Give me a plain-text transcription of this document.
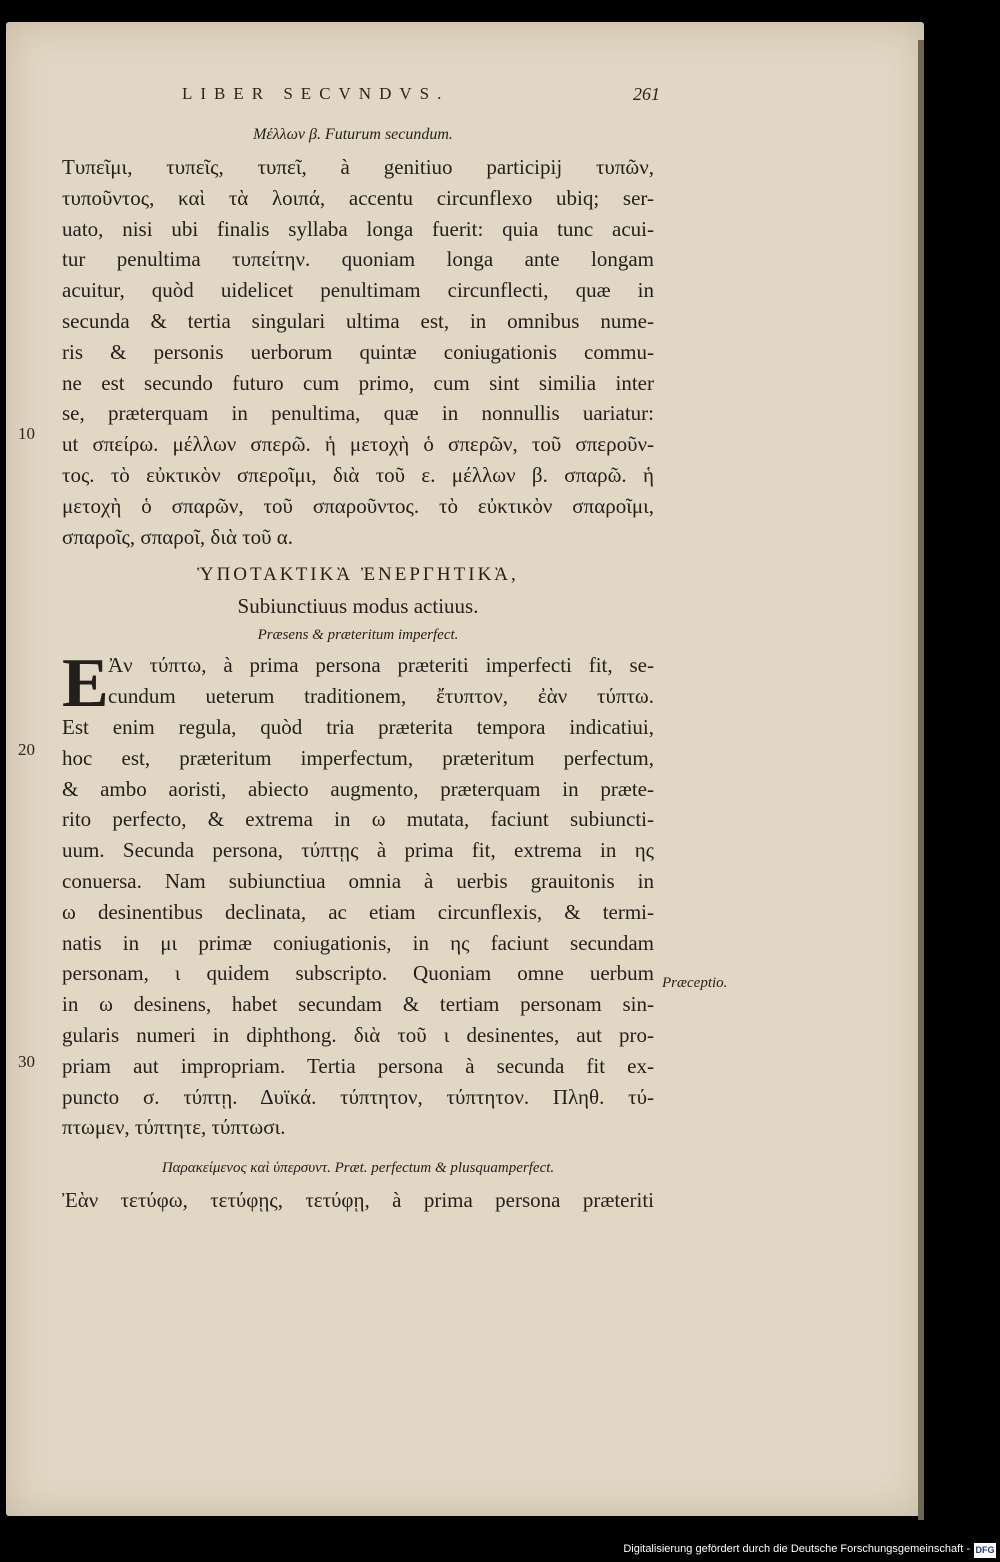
LIBER SECVNDVS.	261
Μέλλων β. Futurum secundum.
Τυπεῖμι, τυπεῖς, τυπεῖ, à genitiuo participij τυπῶν,
τυποῦντος, καὶ τὰ λοιπά, accentu circunflexo ubiq; ser-
uato, nisi ubi finalis syllaba longa fuerit: quia tunc acui-
tur penultima τυπείτην. quoniam longa ante longam
acuitur, quòd uidelicet penultimam circunflecti, quæ in
secunda & tertia singulari ultima est, in omnibus nume-
ris & personis uerborum quintæ coniugationis commu-
ne est secundo futuro cum primo, cum sint similia inter
se, præterquam in penultima, quæ in nonnullis uariatur:
ut σπείρω. μέλλων σπερῶ. ἡ μετοχὴ ὁ σπερῶν, τοῦ σπεροῦν-
τος. τὸ εὐκτικὸν σπεροῖμι, διὰ τοῦ ε. μέλλων β. σπαρῶ. ἡ
μετοχὴ ὁ σπαρῶν, τοῦ σπαροῦντος. τὸ εὐκτικὸν σπαροῖμι,
σπαροῖς, σπαροῖ, διὰ τοῦ α.
ὙΠΟΤΑΚΤΙΚᾺ ἘΝΕΡΓΗΤΙΚᾺ,
Subiunctiuus modus actiuus.
Præsens & præteritum imperfect.
E Ἀν τύπτω, à prima persona præteriti imperfecti fit, se-
cundum ueterum traditionem, ἔτυπτον, ἐὰν τύπτω.
Est enim regula, quòd tria præterita tempora indicatiui,
hoc est, præteritum imperfectum, præteritum perfectum,
& ambo aoristi, abiecto augmento, præterquam in præte-
rito perfecto, & extrema in ω mutata, faciunt subiuncti-
uum. Secunda persona, τύπτῃς à prima fit, extrema in ης
conuersa. Nam subiunctiua omnia à uerbis grauitonis in
ω desinentibus declinata, ac etiam circunflexis, & termi-
natis in μι primæ coniugationis, in ης faciunt secundam
personam, ι quidem subscripto. Quoniam omne uerbum
in ω desinens, habet secundam & tertiam personam sin-
gularis numeri in diphthong. διὰ τοῦ ι desinentes, aut pro-
priam aut impropriam. Tertia persona à secunda fit ex-
puncto σ. τύπτῃ. Δυϊκά. τύπτητον, τύπτητον. Πληθ. τύ-
πτωμεν, τύπτητε, τύπτωσι.
Παρακείμενος καὶ ὑπερσυντ. Præt. perfectum & plusquamperfect.
Ἐὰν τετύφω, τετύφῃς, τετύφῃ, à prima persona præteriti
10
20
30
Præceptio.
Digitalisierung gefördert durch die Deutsche Forschungsgemeinschaft - DFG
